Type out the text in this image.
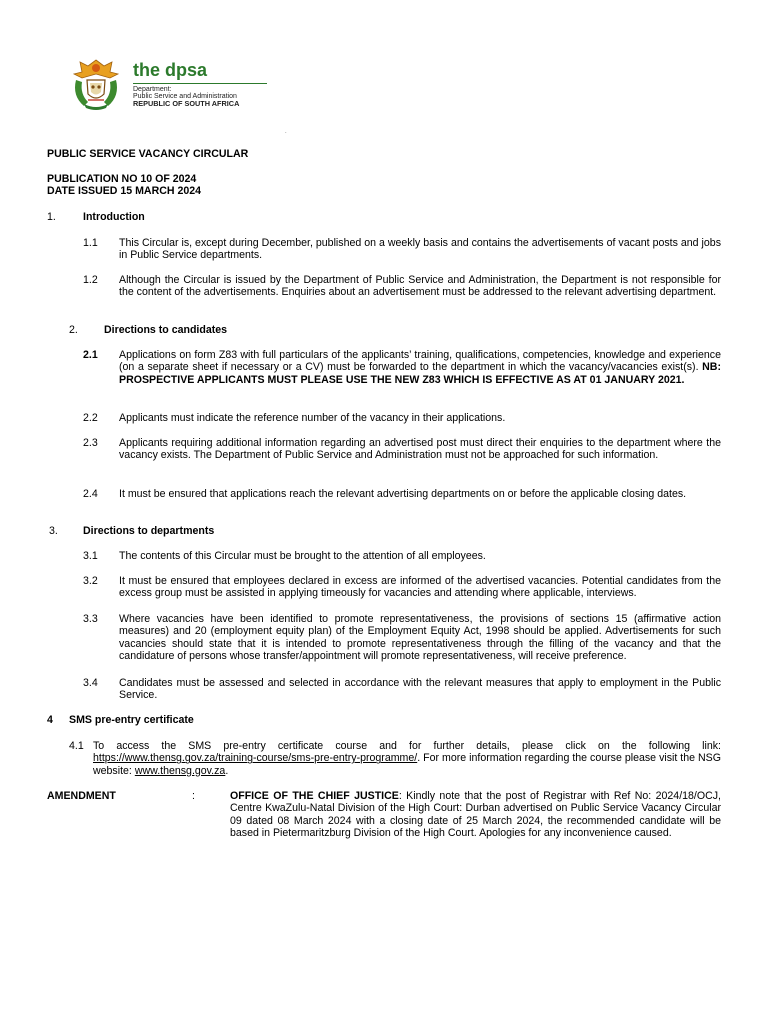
the dpsa
Department:
Public Service and Administration
REPUBLIC OF SOUTH AFRICA
.
PUBLIC SERVICE VACANCY CIRCULAR
PUBLICATION NO 10 OF 2024
DATE ISSUED 15 MARCH 2024
1.	Introduction
1.1 This Circular is, except during December, published on a weekly basis and contains the advertisements of vacant posts and jobs in Public Service departments.
1.2 Although the Circular is issued by the Department of Public Service and Administration, the Department is not responsible for the content of the advertisements. Enquiries about an advertisement must be addressed to the relevant advertising department.
2. Directions to candidates
2.1 Applications on form Z83 with full particulars of the applicants’ training, qualifications, competencies, knowledge and experience (on a separate sheet if necessary or a CV) must be forwarded to the department in which the vacancy/vacancies exist(s). NB: PROSPECTIVE APPLICANTS MUST PLEASE USE THE NEW Z83 WHICH IS EFFECTIVE AS AT 01 JANUARY 2021.
2.2 Applicants must indicate the reference number of the vacancy in their applications.
2.3 Applicants requiring additional information regarding an advertised post must direct their enquiries to the department where the vacancy exists. The Department of Public Service and Administration must not be approached for such information.
2.4 It must be ensured that applications reach the relevant advertising departments on or before the applicable closing dates.
3. Directions to departments
3.1 The contents of this Circular must be brought to the attention of all employees.
3.2 It must be ensured that employees declared in excess are informed of the advertised vacancies. Potential candidates from the excess group must be assisted in applying timeously for vacancies and attending where applicable, interviews.
3.3 Where vacancies have been identified to promote representativeness, the provisions of sections 15 (affirmative action measures) and 20 (employment equity plan) of the Employment Equity Act, 1998 should be applied. Advertisements for such vacancies should state that it is intended to promote representativeness through the filling of the vacancy and that the candidature of persons whose transfer/appointment will promote representativeness, will receive preference.
3.4 Candidates must be assessed and selected in accordance with the relevant measures that apply to employment in the Public Service.
4 SMS pre-entry certificate
4.1 To access the SMS pre-entry certificate course and for further details, please click on the following link: https://www.thensg.gov.za/training-course/sms-pre-entry-programme/. For more information regarding the course please visit the NSG website: www.thensg.gov.za.
AMENDMENT	:	OFFICE OF THE CHIEF JUSTICE: Kindly note that the post of Registrar with Ref No: 2024/18/OCJ, Centre KwaZulu-Natal Division of the High Court: Durban advertised on Public Service Vacancy Circular 09 dated 08 March 2024 with a closing date of 25 March 2024, the recommended candidate will be based in Pietermaritzburg Division of the High Court. Apologies for any inconvenience caused.
